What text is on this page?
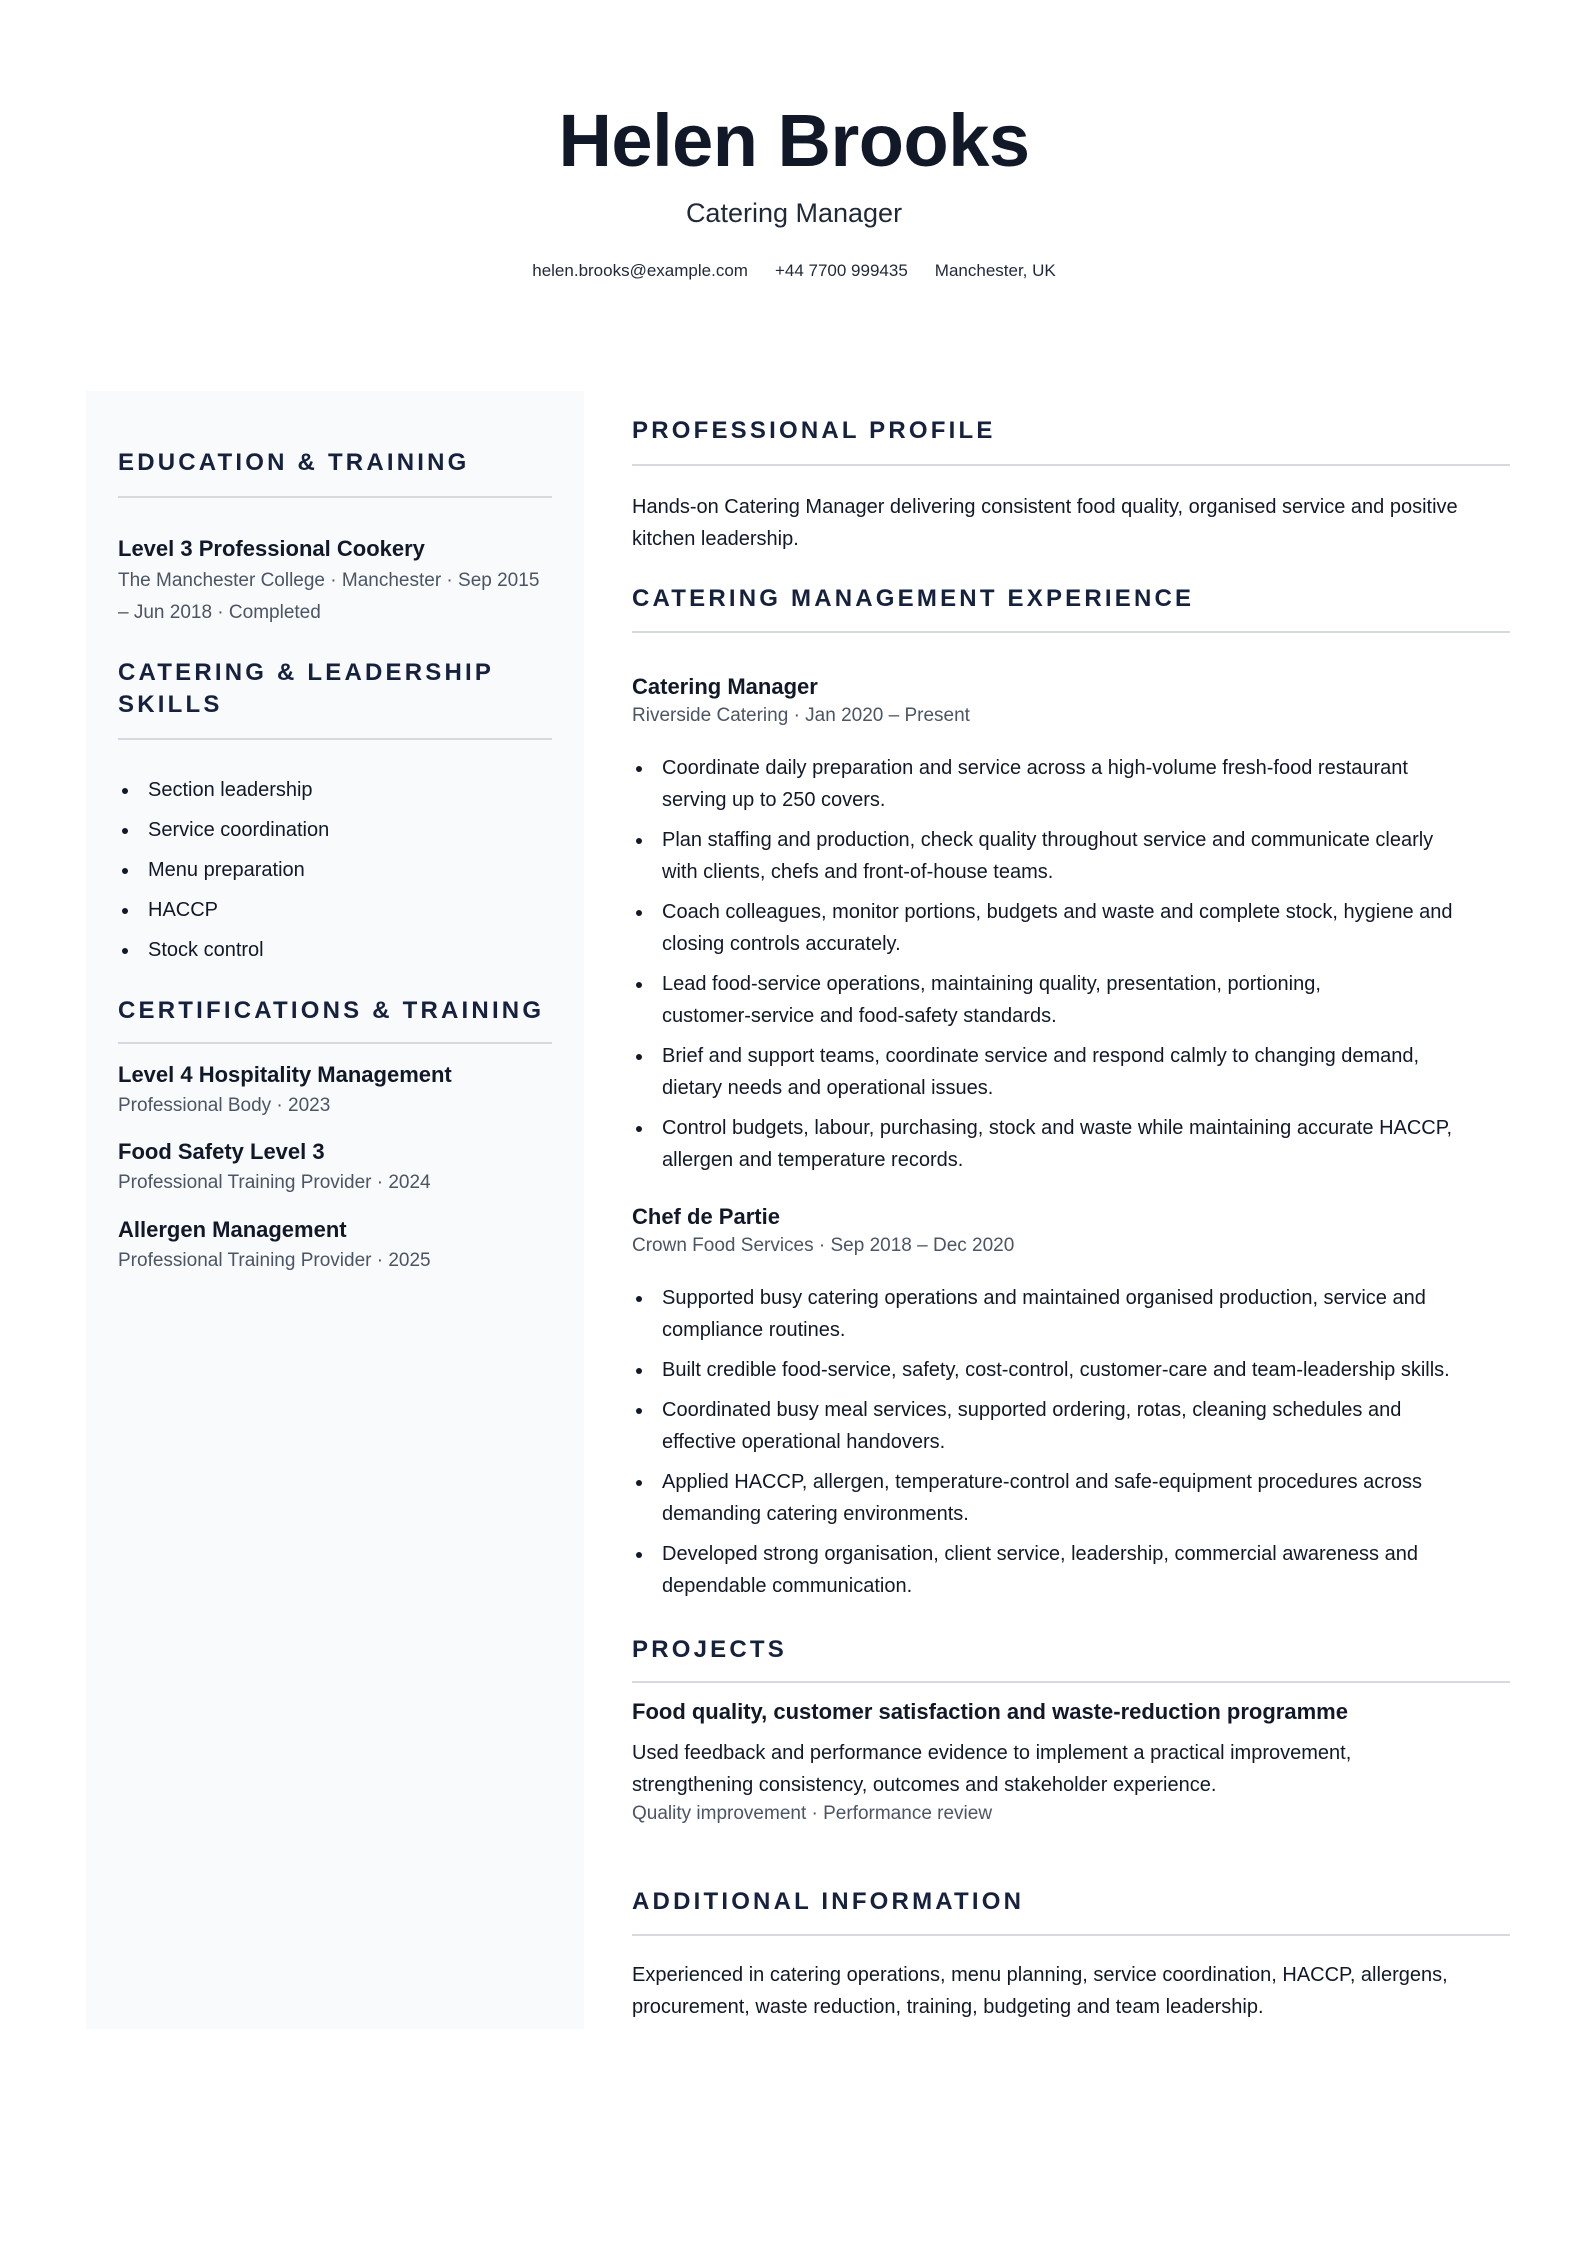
Helen Brooks
Catering Manager
helen.brooks@example.com +44 7700 999435 Manchester, UK
EDUCATION & TRAINING
Level 3 Professional Cookery
The Manchester College · Manchester · Sep 2015
– Jun 2018 · Completed
CATERING & LEADERSHIP
SKILLS
Section leadership
Service coordination
Menu preparation
HACCP
Stock control
CERTIFICATIONS & TRAINING
Level 4 Hospitality Management
Professional Body · 2023
Food Safety Level 3
Professional Training Provider · 2024
Allergen Management
Professional Training Provider · 2025
PROFESSIONAL PROFILE
Hands-on Catering Manager delivering consistent food quality, organised service and positive
kitchen leadership.
CATERING MANAGEMENT EXPERIENCE
Catering Manager
Riverside Catering · Jan 2020 – Present
Coordinate daily preparation and service across a high-volume fresh-food restaurant
serving up to 250 covers.
Plan staffing and production, check quality throughout service and communicate clearly
with clients, chefs and front-of-house teams.
Coach colleagues, monitor portions, budgets and waste and complete stock, hygiene and
closing controls accurately.
Lead food-service operations, maintaining quality, presentation, portioning,
customer-service and food-safety standards.
Brief and support teams, coordinate service and respond calmly to changing demand,
dietary needs and operational issues.
Control budgets, labour, purchasing, stock and waste while maintaining accurate HACCP,
allergen and temperature records.
Chef de Partie
Crown Food Services · Sep 2018 – Dec 2020
Supported busy catering operations and maintained organised production, service and
compliance routines.
Built credible food-service, safety, cost-control, customer-care and team-leadership skills.
Coordinated busy meal services, supported ordering, rotas, cleaning schedules and
effective operational handovers.
Applied HACCP, allergen, temperature-control and safe-equipment procedures across
demanding catering environments.
Developed strong organisation, client service, leadership, commercial awareness and
dependable communication.
PROJECTS
Food quality, customer satisfaction and waste-reduction programme
Used feedback and performance evidence to implement a practical improvement,
strengthening consistency, outcomes and stakeholder experience.
Quality improvement · Performance review
ADDITIONAL INFORMATION
Experienced in catering operations, menu planning, service coordination, HACCP, allergens,
procurement, waste reduction, training, budgeting and team leadership.
